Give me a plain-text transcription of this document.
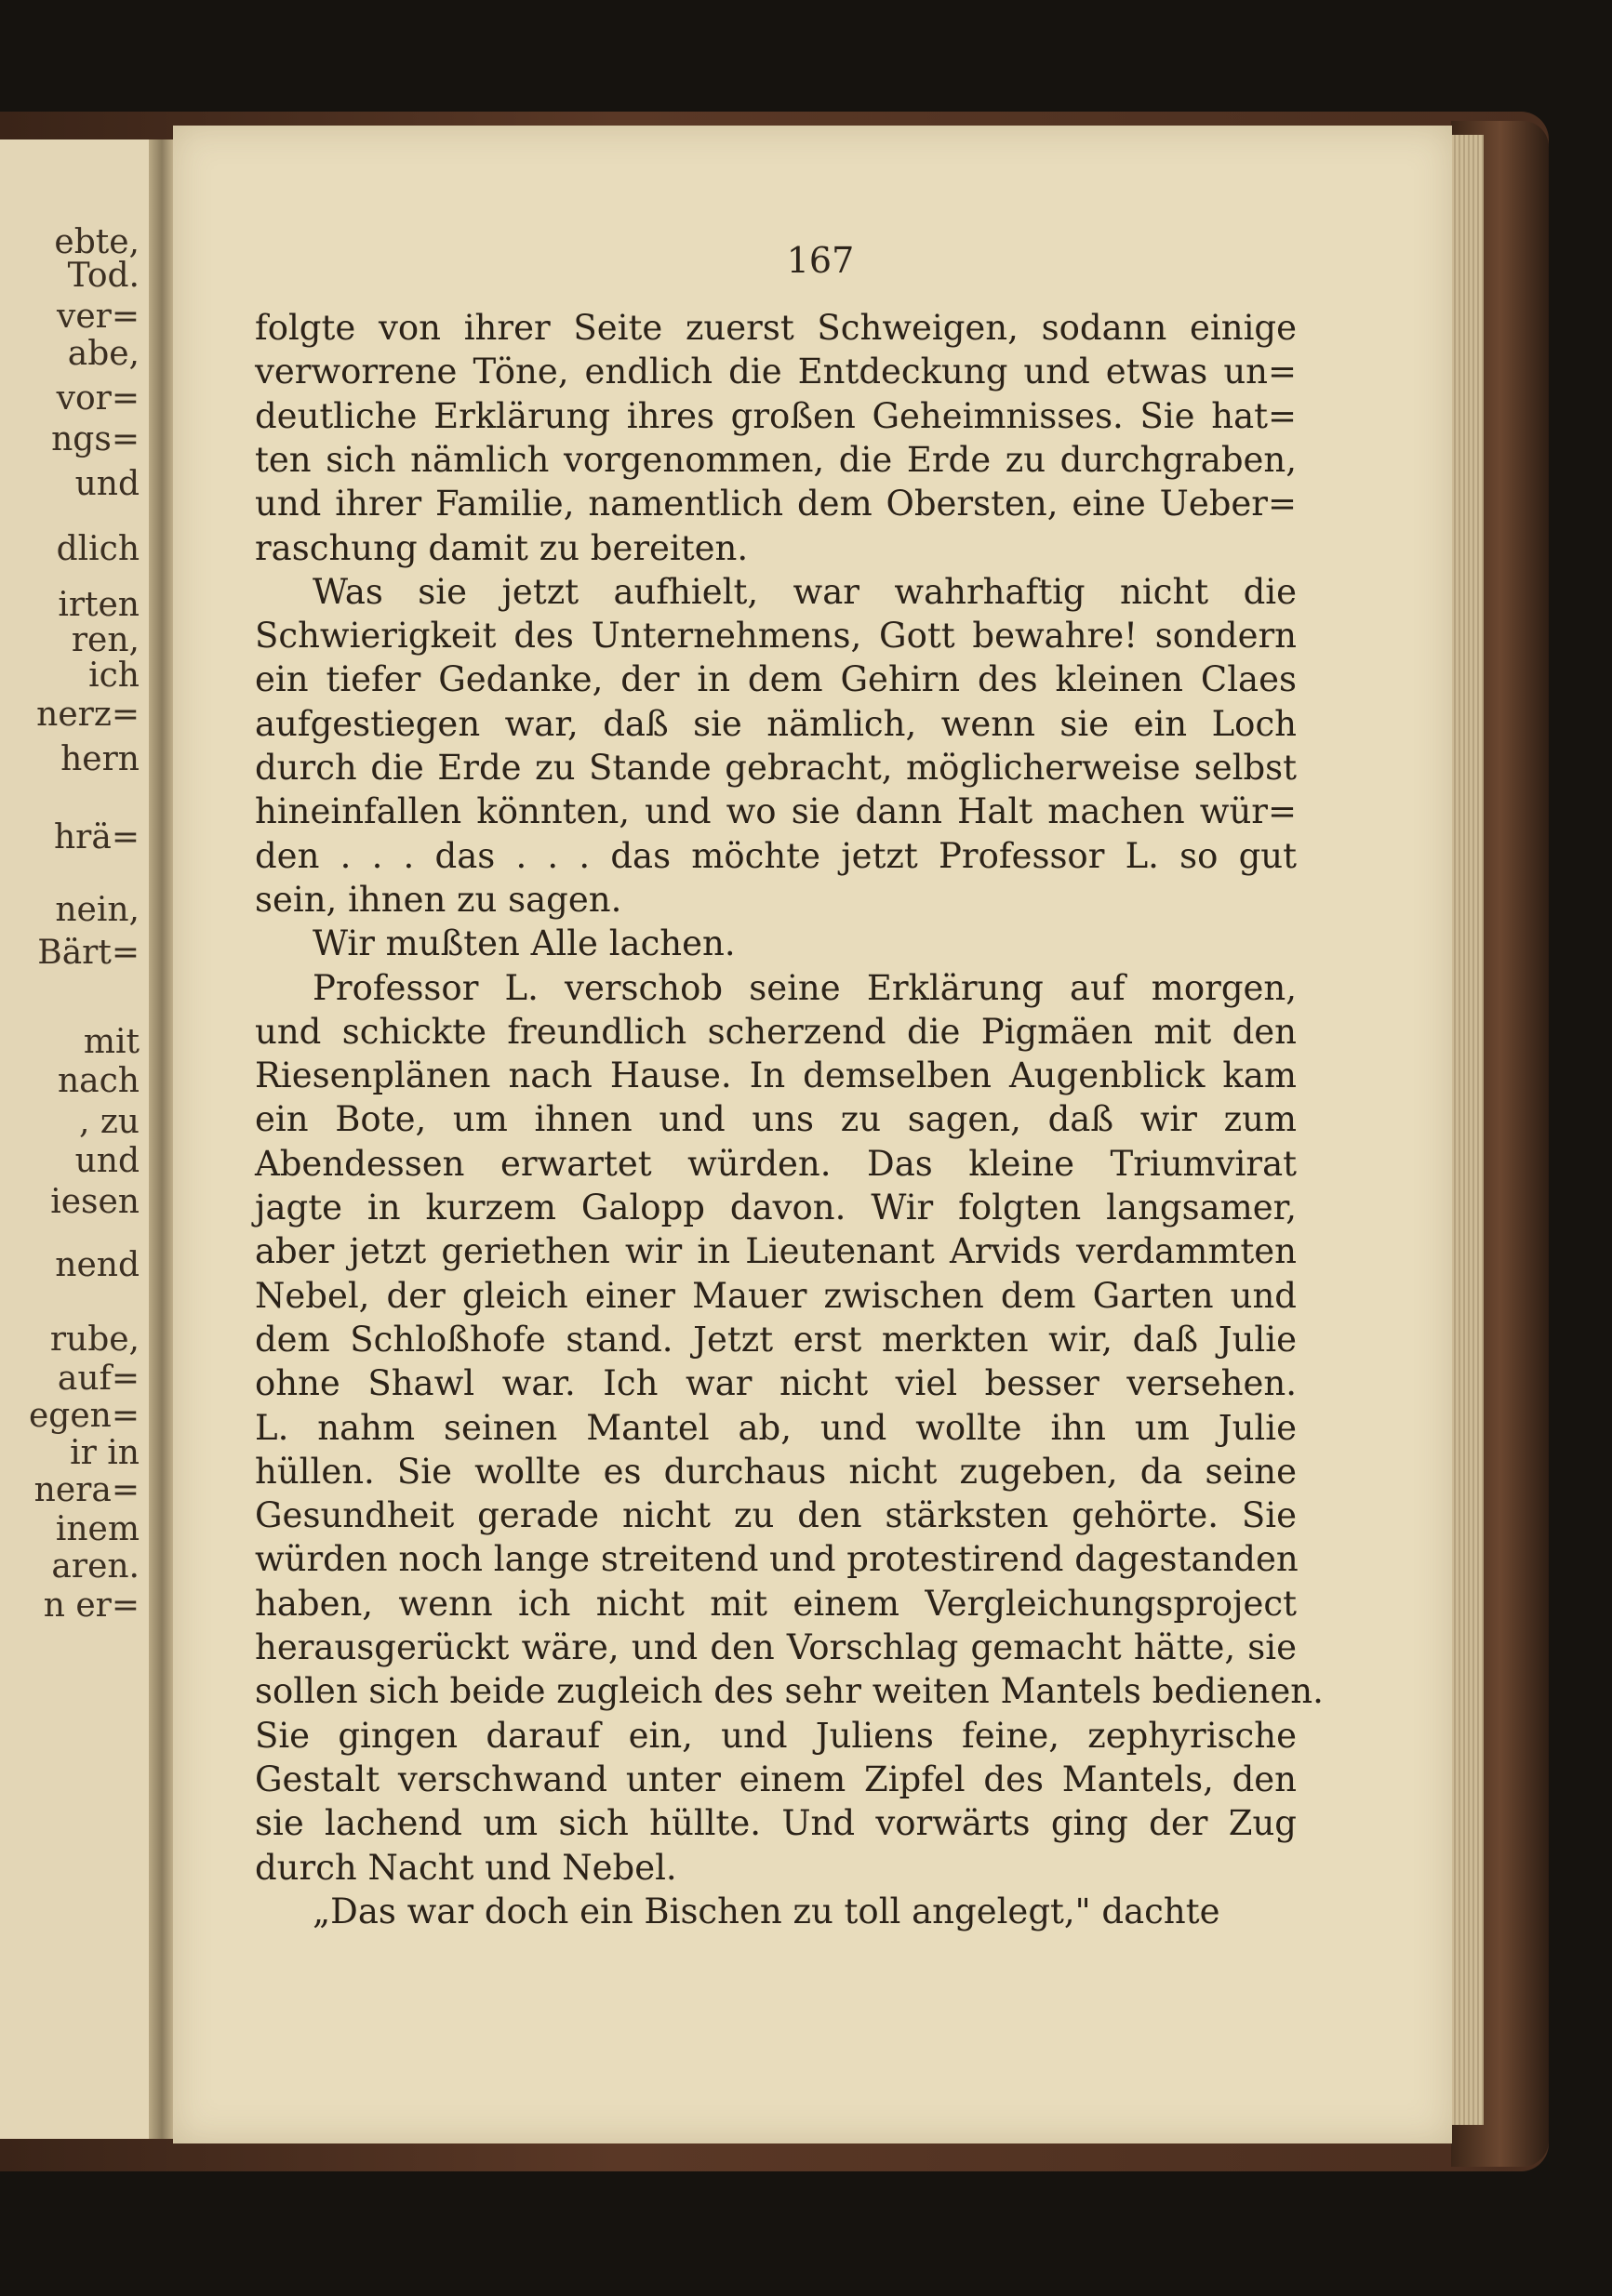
ebte,
Tod.
ver=
abe,
vor=
ngs=
und
dlich
irten
ren,
ich
nerz=
hern
hrä=
nein,
Bärt=
mit
nach
, zu
und
iesen
nend
rube,
auf=
egen=
ir in
nera=
inem
aren.
n er=
167
folgte von ihrer Seite zuerst Schweigen, sodann einige
verworrene Töne, endlich die Entdeckung und etwas un=
deutliche Erklärung ihres großen Geheimnisses. Sie hat=
ten sich nämlich vorgenommen, die Erde zu durchgraben,
und ihrer Familie, namentlich dem Obersten, eine Ueber=
raschung damit zu bereiten.
Was sie jetzt aufhielt, war wahrhaftig nicht die
Schwierigkeit des Unternehmens, Gott bewahre! sondern
ein tiefer Gedanke, der in dem Gehirn des kleinen Claes
aufgestiegen war, daß sie nämlich, wenn sie ein Loch
durch die Erde zu Stande gebracht, möglicherweise selbst
hineinfallen könnten, und wo sie dann Halt machen wür=
den . . . das . . . das möchte jetzt Professor L. so gut
sein, ihnen zu sagen.
Wir mußten Alle lachen.
Professor L. verschob seine Erklärung auf morgen,
und schickte freundlich scherzend die Pigmäen mit den
Riesenplänen nach Hause. In demselben Augenblick kam
ein Bote, um ihnen und uns zu sagen, daß wir zum
Abendessen erwartet würden. Das kleine Triumvirat
jagte in kurzem Galopp davon. Wir folgten langsamer,
aber jetzt geriethen wir in Lieutenant Arvids verdammten
Nebel, der gleich einer Mauer zwischen dem Garten und
dem Schloßhofe stand. Jetzt erst merkten wir, daß Julie
ohne Shawl war. Ich war nicht viel besser versehen.
L. nahm seinen Mantel ab, und wollte ihn um Julie
hüllen. Sie wollte es durchaus nicht zugeben, da seine
Gesundheit gerade nicht zu den stärksten gehörte. Sie
würden noch lange streitend und protestirend dagestanden
haben, wenn ich nicht mit einem Vergleichungsproject
herausgerückt wäre, und den Vorschlag gemacht hätte, sie
sollen sich beide zugleich des sehr weiten Mantels bedienen.
Sie gingen darauf ein, und Juliens feine, zephyrische
Gestalt verschwand unter einem Zipfel des Mantels, den
sie lachend um sich hüllte. Und vorwärts ging der Zug
durch Nacht und Nebel.
„Das war doch ein Bischen zu toll angelegt," dachte
